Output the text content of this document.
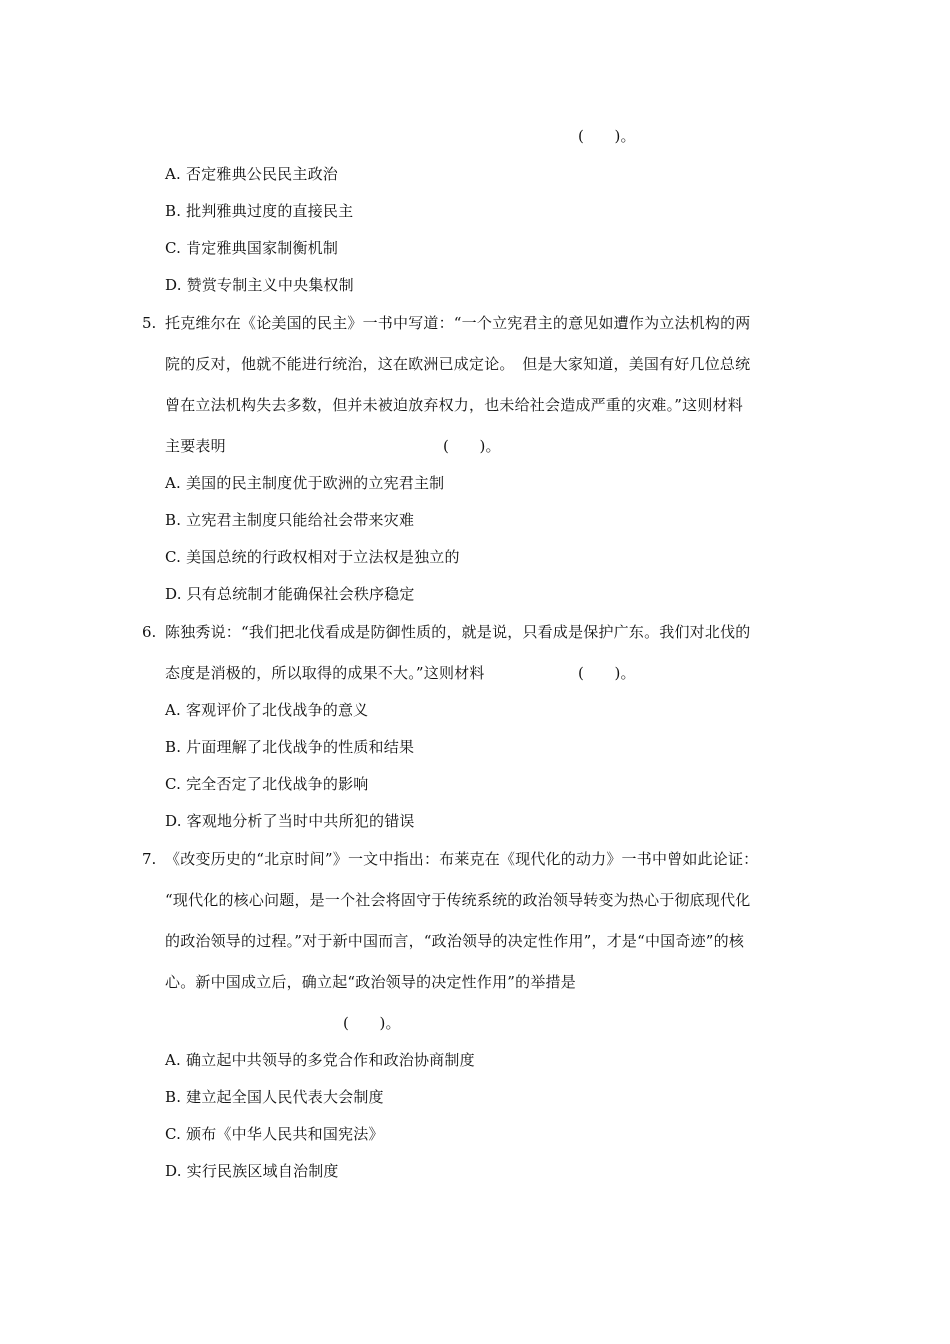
(　　)。
A. 否定雅典公民民主政治
B. 批判雅典过度的直接民主
C. 肯定雅典国家制衡机制
D. 赞赏专制主义中央集权制
5. 托克维尔在《论美国的民主》一书中写道：“一个立宪君主的意见如遭作为立法机构的两
院的反对，他就不能进行统治，这在欧洲已成定论。　但是大家知道，美国有好几位总统
曾在立法机构失去多数，但并未被迫放弃权力，也未给社会造成严重的灾难。”这则材料
主要表明	(　　)。
A. 美国的民主制度优于欧洲的立宪君主制
B. 立宪君主制度只能给社会带来灾难
C. 美国总统的行政权相对于立法权是独立的
D. 只有总统制才能确保社会秩序稳定
6. 陈独秀说：“我们把北伐看成是防御性质的，就是说，只看成是保护广东。我们对北伐的
态度是消极的，所以取得的成果不大。”这则材料	(　　)。
A. 客观评价了北伐战争的意义
B. 片面理解了北伐战争的性质和结果
C. 完全否定了北伐战争的影响
D. 客观地分析了当时中共所犯的错误
7. 《改变历史的“北京时间”》一文中指出：布莱克在《现代化的动力》一书中曾如此论证：
“现代化的核心问题，是一个社会将固守于传统系统的政治领导转变为热心于彻底现代化
的政治领导的过程。”对于新中国而言，“政治领导的决定性作用”，才是“中国奇迹”的核
心。新中国成立后，确立起“政治领导的决定性作用”的举措是
(　　)。
A. 确立起中共领导的多党合作和政治协商制度
B. 建立起全国人民代表大会制度
C. 颁布《中华人民共和国宪法》
D. 实行民族区域自治制度
